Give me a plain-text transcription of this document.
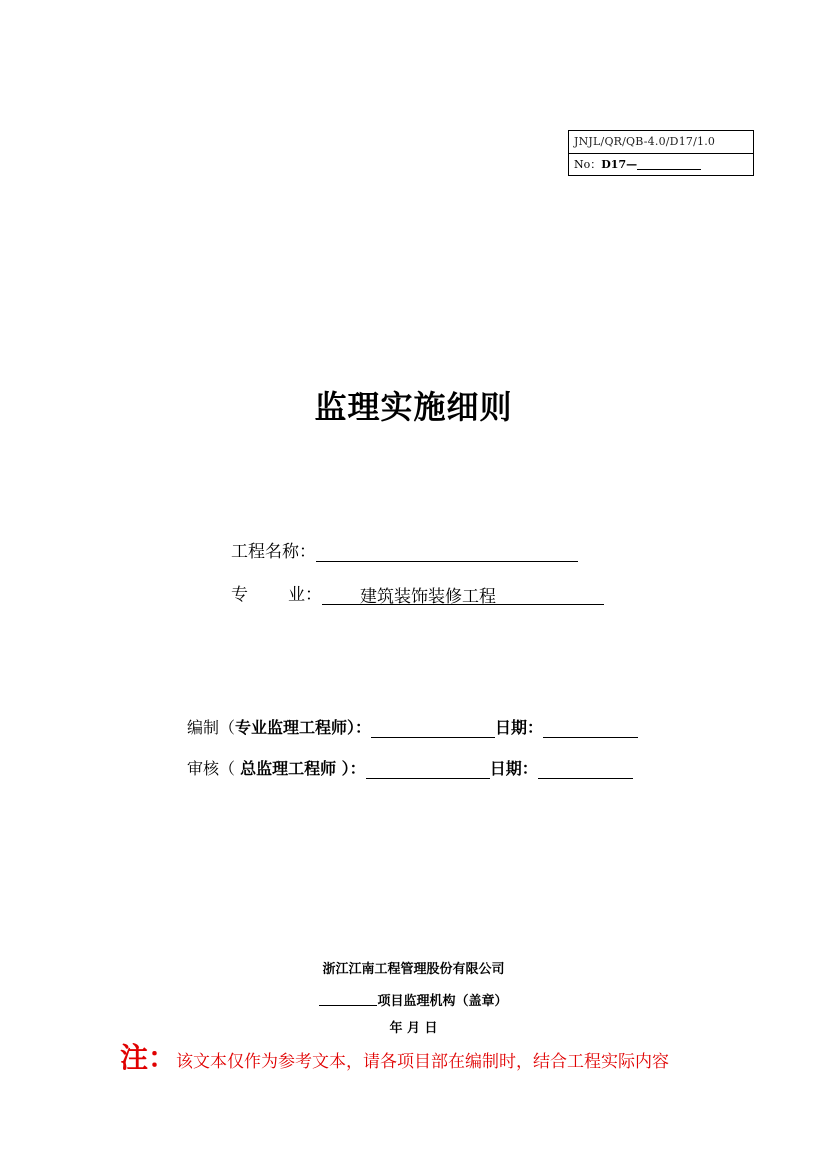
JNJL/QR/QB-4.0/D17/1.0
No：D17—
监理实施细则
工程名称：
专 业： 建筑装饰装修工程
编制（专业监理工程师）：	日期：
审核（ 总监理工程师 ）：	日期：
浙江江南工程管理股份有限公司
项目监理机构（盖章）
年 月 日
注：该文本仅作为参考文本，请各项目部在编制时，结合工程实际内容
